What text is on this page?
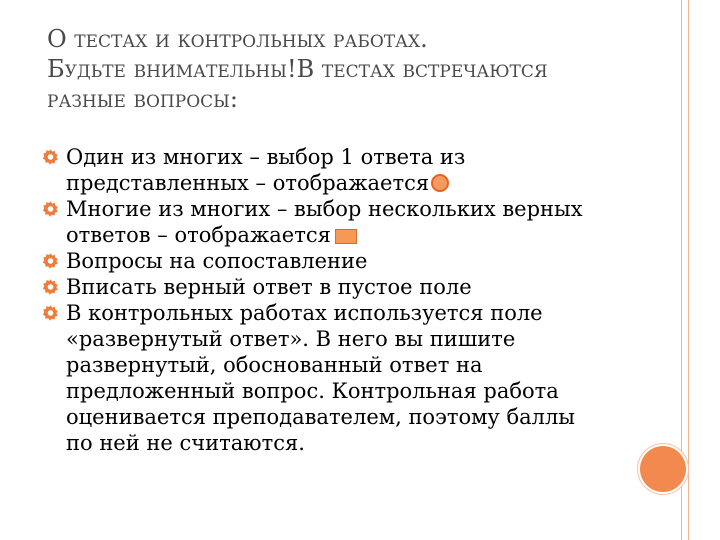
О тестах и контрольных работах.
Будьте внимательны!В тестах встречаются
разные вопросы:
Один из многих – выбор 1 ответа из
представленных – отображается
Многие из многих – выбор нескольких верных
ответов – отображается
Вопросы на сопоставление
Вписать верный ответ в пустое поле
В контрольных работах используется поле
«развернутый ответ». В него вы пишите
развернутый, обоснованный ответ на
предложенный вопрос. Контрольная работа
оценивается преподавателем, поэтому баллы
по ней не считаются.
